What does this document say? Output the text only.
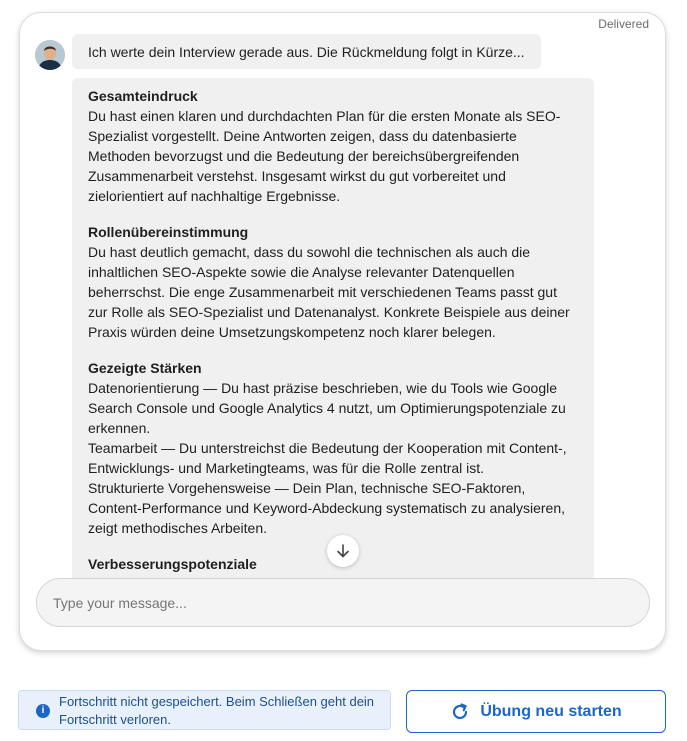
Delivered
Ich werte dein Interview gerade aus. Die Rückmeldung folgt in Kürze...
Gesamteindruck

Du hast einen klaren und durchdachten Plan für die ersten Monate als SEO-Spezialist vorgestellt. Deine Antworten zeigen, dass du datenbasierte Methoden bevorzugst und die Bedeutung der bereichsübergreifenden Zusammenarbeit verstehst. Insgesamt wirkst du gut vorbereitet und zielorientiert auf nachhaltige Ergebnisse.

Rollenübereinstimmung

Du hast deutlich gemacht, dass du sowohl die technischen als auch die inhaltlichen SEO-Aspekte sowie die Analyse relevanter Datenquellen beherrschst. Die enge Zusammenarbeit mit verschiedenen Teams passt gut zur Rolle als SEO-Spezialist und Datenanalyst. Konkrete Beispiele aus deiner Praxis würden deine Umsetzungskompetenz noch klarer belegen.

Gezeigte Stärken

Datenorientierung — Du hast präzise beschrieben, wie du Tools wie Google Search Console und Google Analytics 4 nutzt, um Optimierungspotenziale zu erkennen.

Teamarbeit — Du unterstreichst die Bedeutung der Kooperation mit Content-, Entwicklungs- und Marketingteams, was für die Rolle zentral ist.

Strukturierte Vorgehensweise — Dein Plan, technische SEO-Faktoren, Content-Performance und Keyword-Abdeckung systematisch zu analysieren, zeigt methodisches Arbeiten.

Verbesserungspotenziale
Type your message...
i
Fortschritt nicht gespeichert. Beim Schließen geht dein Fortschritt verloren.	Übung neu starten
